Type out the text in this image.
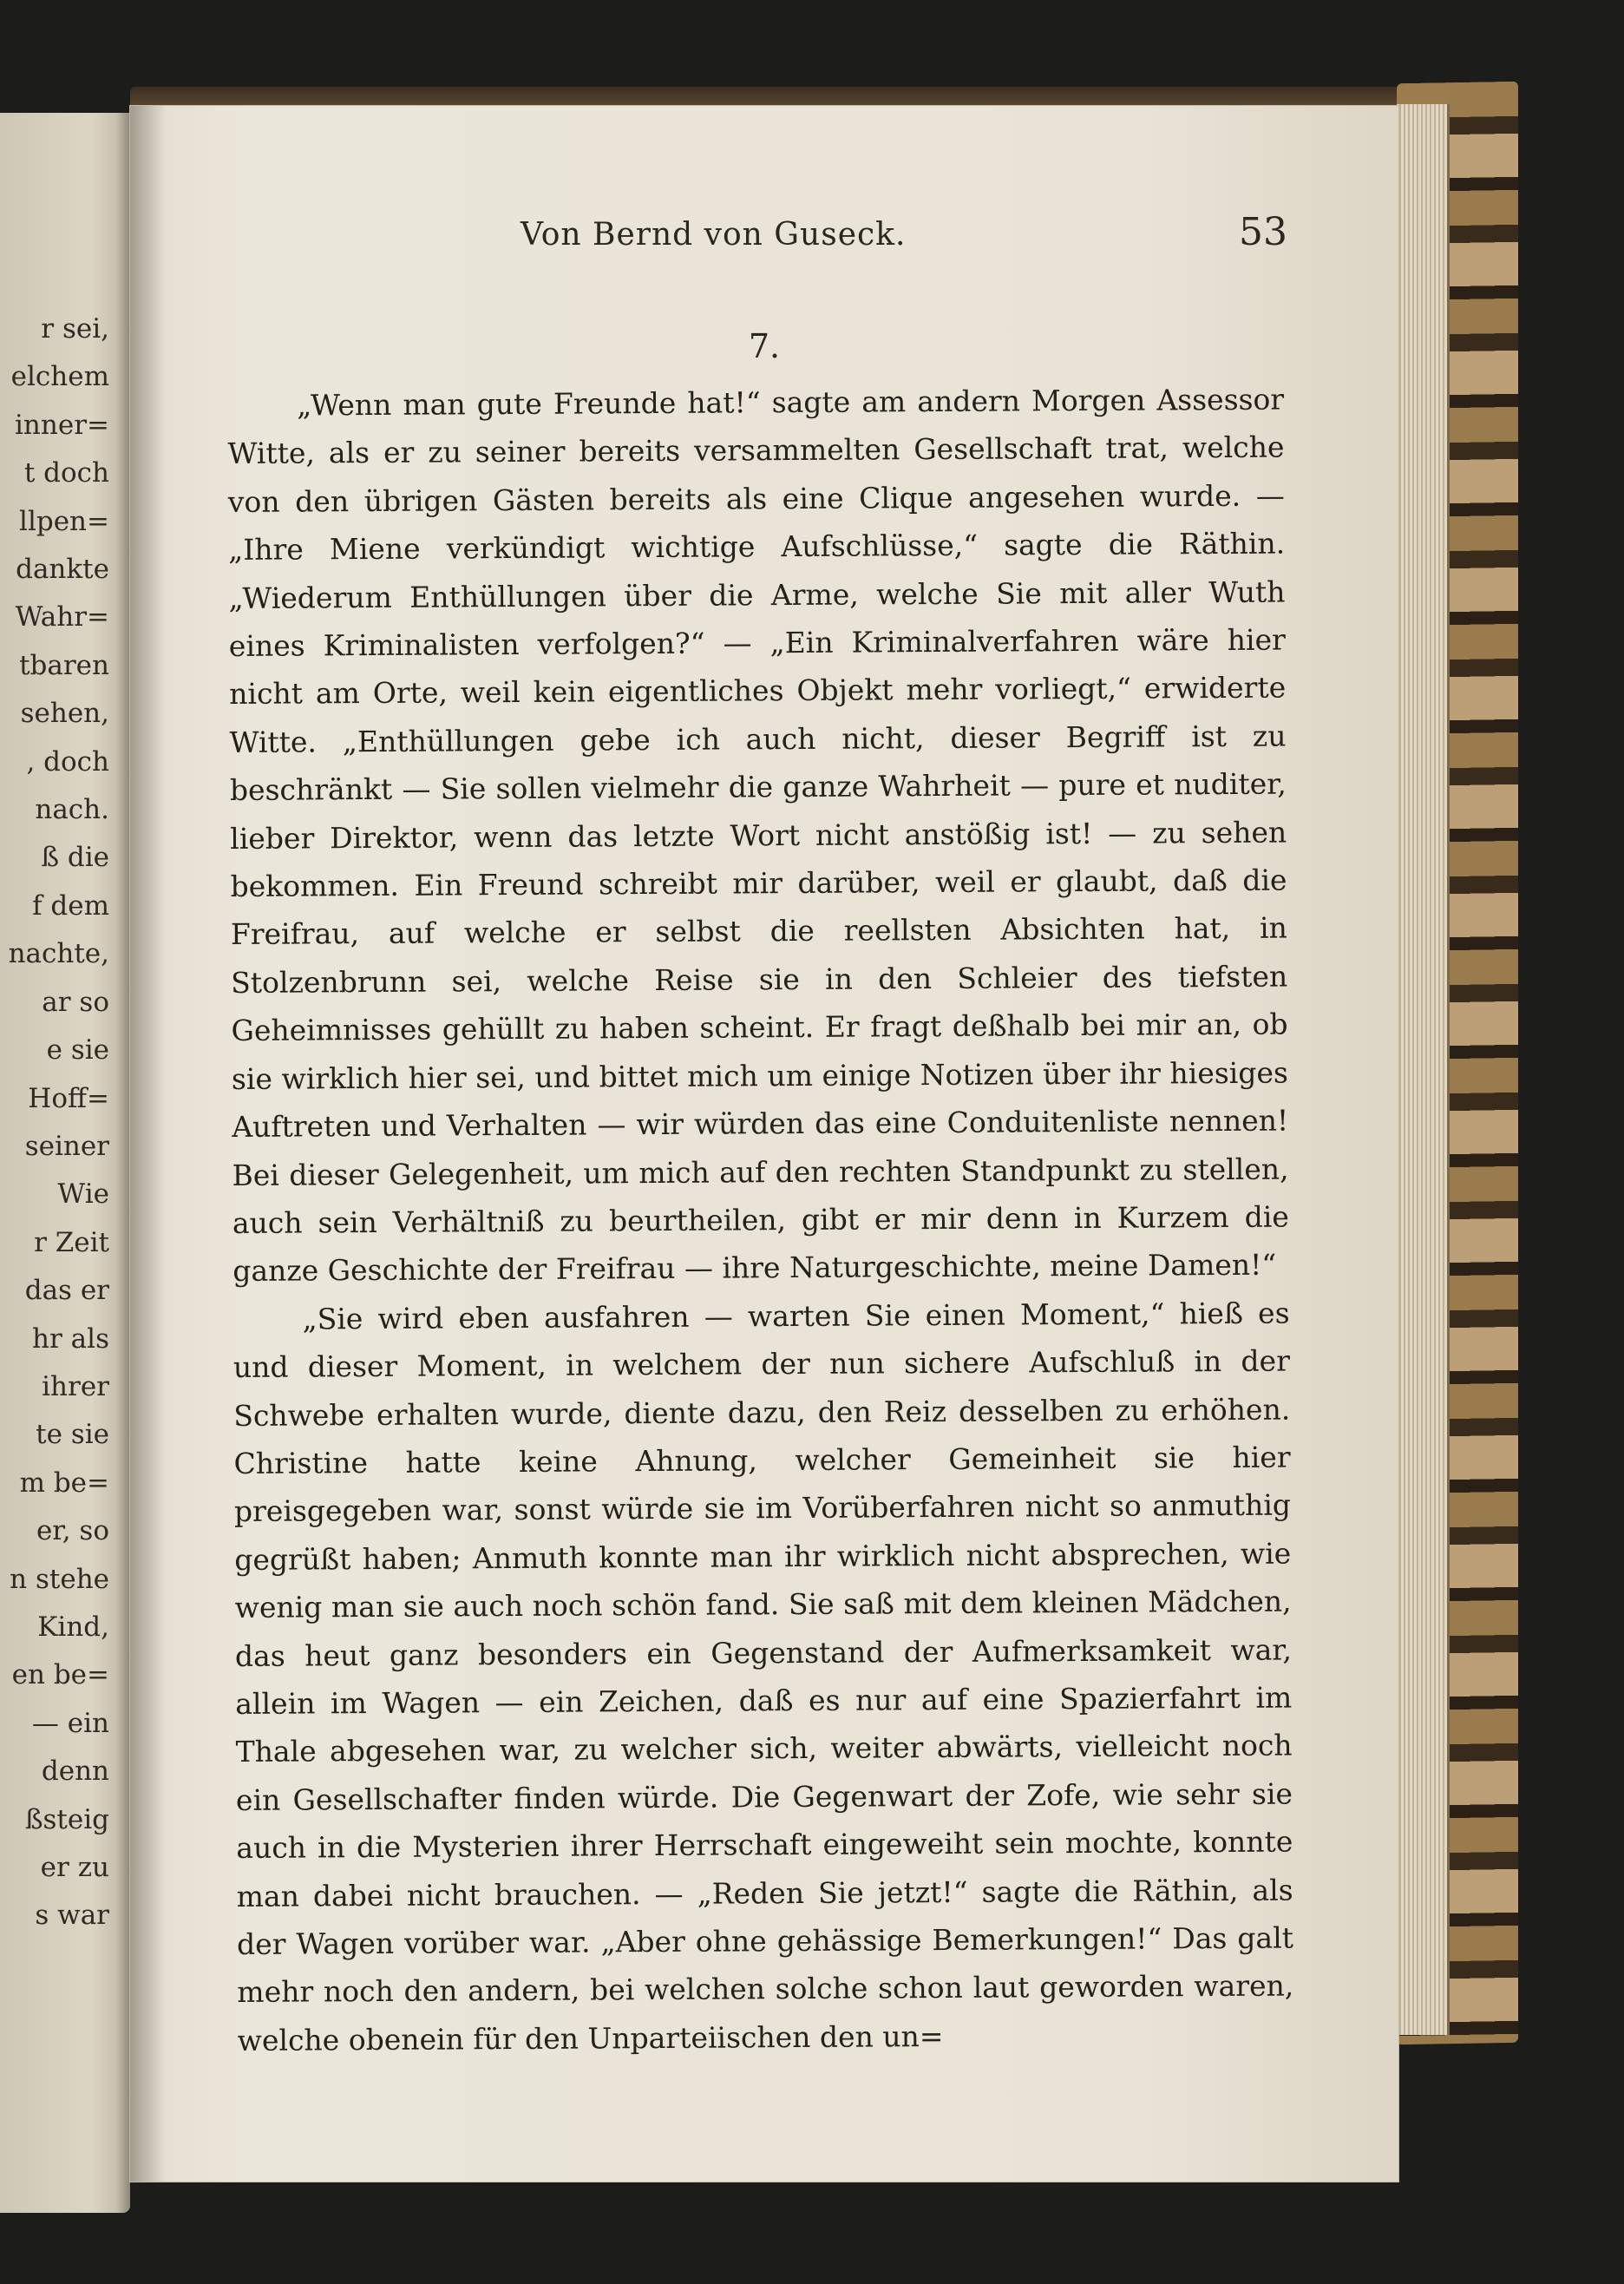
r sei,
elchem
inner=
t doch
llpen=
dankte
Wahr=
tbaren
sehen,
, doch
nach.
ß die
f dem
nachte,
ar so
e sie
Hoff=
seiner
Wie
r Zeit
das er
hr als
ihrer
te sie
m be=
er, so
n stehe
Kind,
en be=
— ein
denn
ßsteig
er zu
s war
Von Bernd von Guseck.	53
7.

„Wenn man gute Freunde hat!“ sagte am andern Morgen Assessor Witte, als er zu seiner bereits versammelten Gesellschaft trat, welche von den übrigen Gästen bereits als eine Clique angesehen wurde. — „Ihre Miene verkündigt wichtige Aufschlüsse,“ sagte die Räthin. „Wiederum Enthüllungen über die Arme, welche Sie mit aller Wuth eines Kriminalisten verfolgen?“ — „Ein Kriminalverfahren wäre hier nicht am Orte, weil kein eigentliches Objekt mehr vorliegt,“ erwiderte Witte. „Enthüllungen gebe ich auch nicht, dieser Begriff ist zu beschränkt — Sie sollen vielmehr die ganze Wahrheit — pure et nuditer, lieber Direktor, wenn das letzte Wort nicht anstößig ist! — zu sehen bekommen. Ein Freund schreibt mir darüber, weil er glaubt, daß die Freifrau, auf welche er selbst die reellsten Absichten hat, in Stolzenbrunn sei, welche Reise sie in den Schleier des tiefsten Geheimnisses gehüllt zu haben scheint. Er fragt deßhalb bei mir an, ob sie wirklich hier sei, und bittet mich um einige Notizen über ihr hiesiges Auftreten und Verhalten — wir würden das eine Conduitenliste nennen! Bei dieser Gelegenheit, um mich auf den rechten Standpunkt zu stellen, auch sein Verhältniß zu beurtheilen, gibt er mir denn in Kurzem die ganze Geschichte der Freifrau — ihre Naturgeschichte, meine Damen!“

„Sie wird eben ausfahren — warten Sie einen Moment,“ hieß es und dieser Moment, in welchem der nun sichere Aufschluß in der Schwebe erhalten wurde, diente dazu, den Reiz desselben zu erhöhen. Christine hatte keine Ahnung, welcher Gemeinheit sie hier preisgegeben war, sonst würde sie im Vorüberfahren nicht so anmuthig gegrüßt haben; Anmuth konnte man ihr wirklich nicht absprechen, wie wenig man sie auch noch schön fand. Sie saß mit dem kleinen Mädchen, das heut ganz besonders ein Gegenstand der Aufmerksamkeit war, allein im Wagen — ein Zeichen, daß es nur auf eine Spazierfahrt im Thale abgesehen war, zu welcher sich, weiter abwärts, vielleicht noch ein Gesellschafter finden würde. Die Gegenwart der Zofe, wie sehr sie auch in die Mysterien ihrer Herrschaft eingeweiht sein mochte, konnte man dabei nicht brauchen. — „Reden Sie jetzt!“ sagte die Räthin, als der Wagen vorüber war. „Aber ohne gehässige Bemerkungen!“ Das galt mehr noch den andern, bei welchen solche schon laut geworden waren, welche obenein für den Unparteiischen den un=
